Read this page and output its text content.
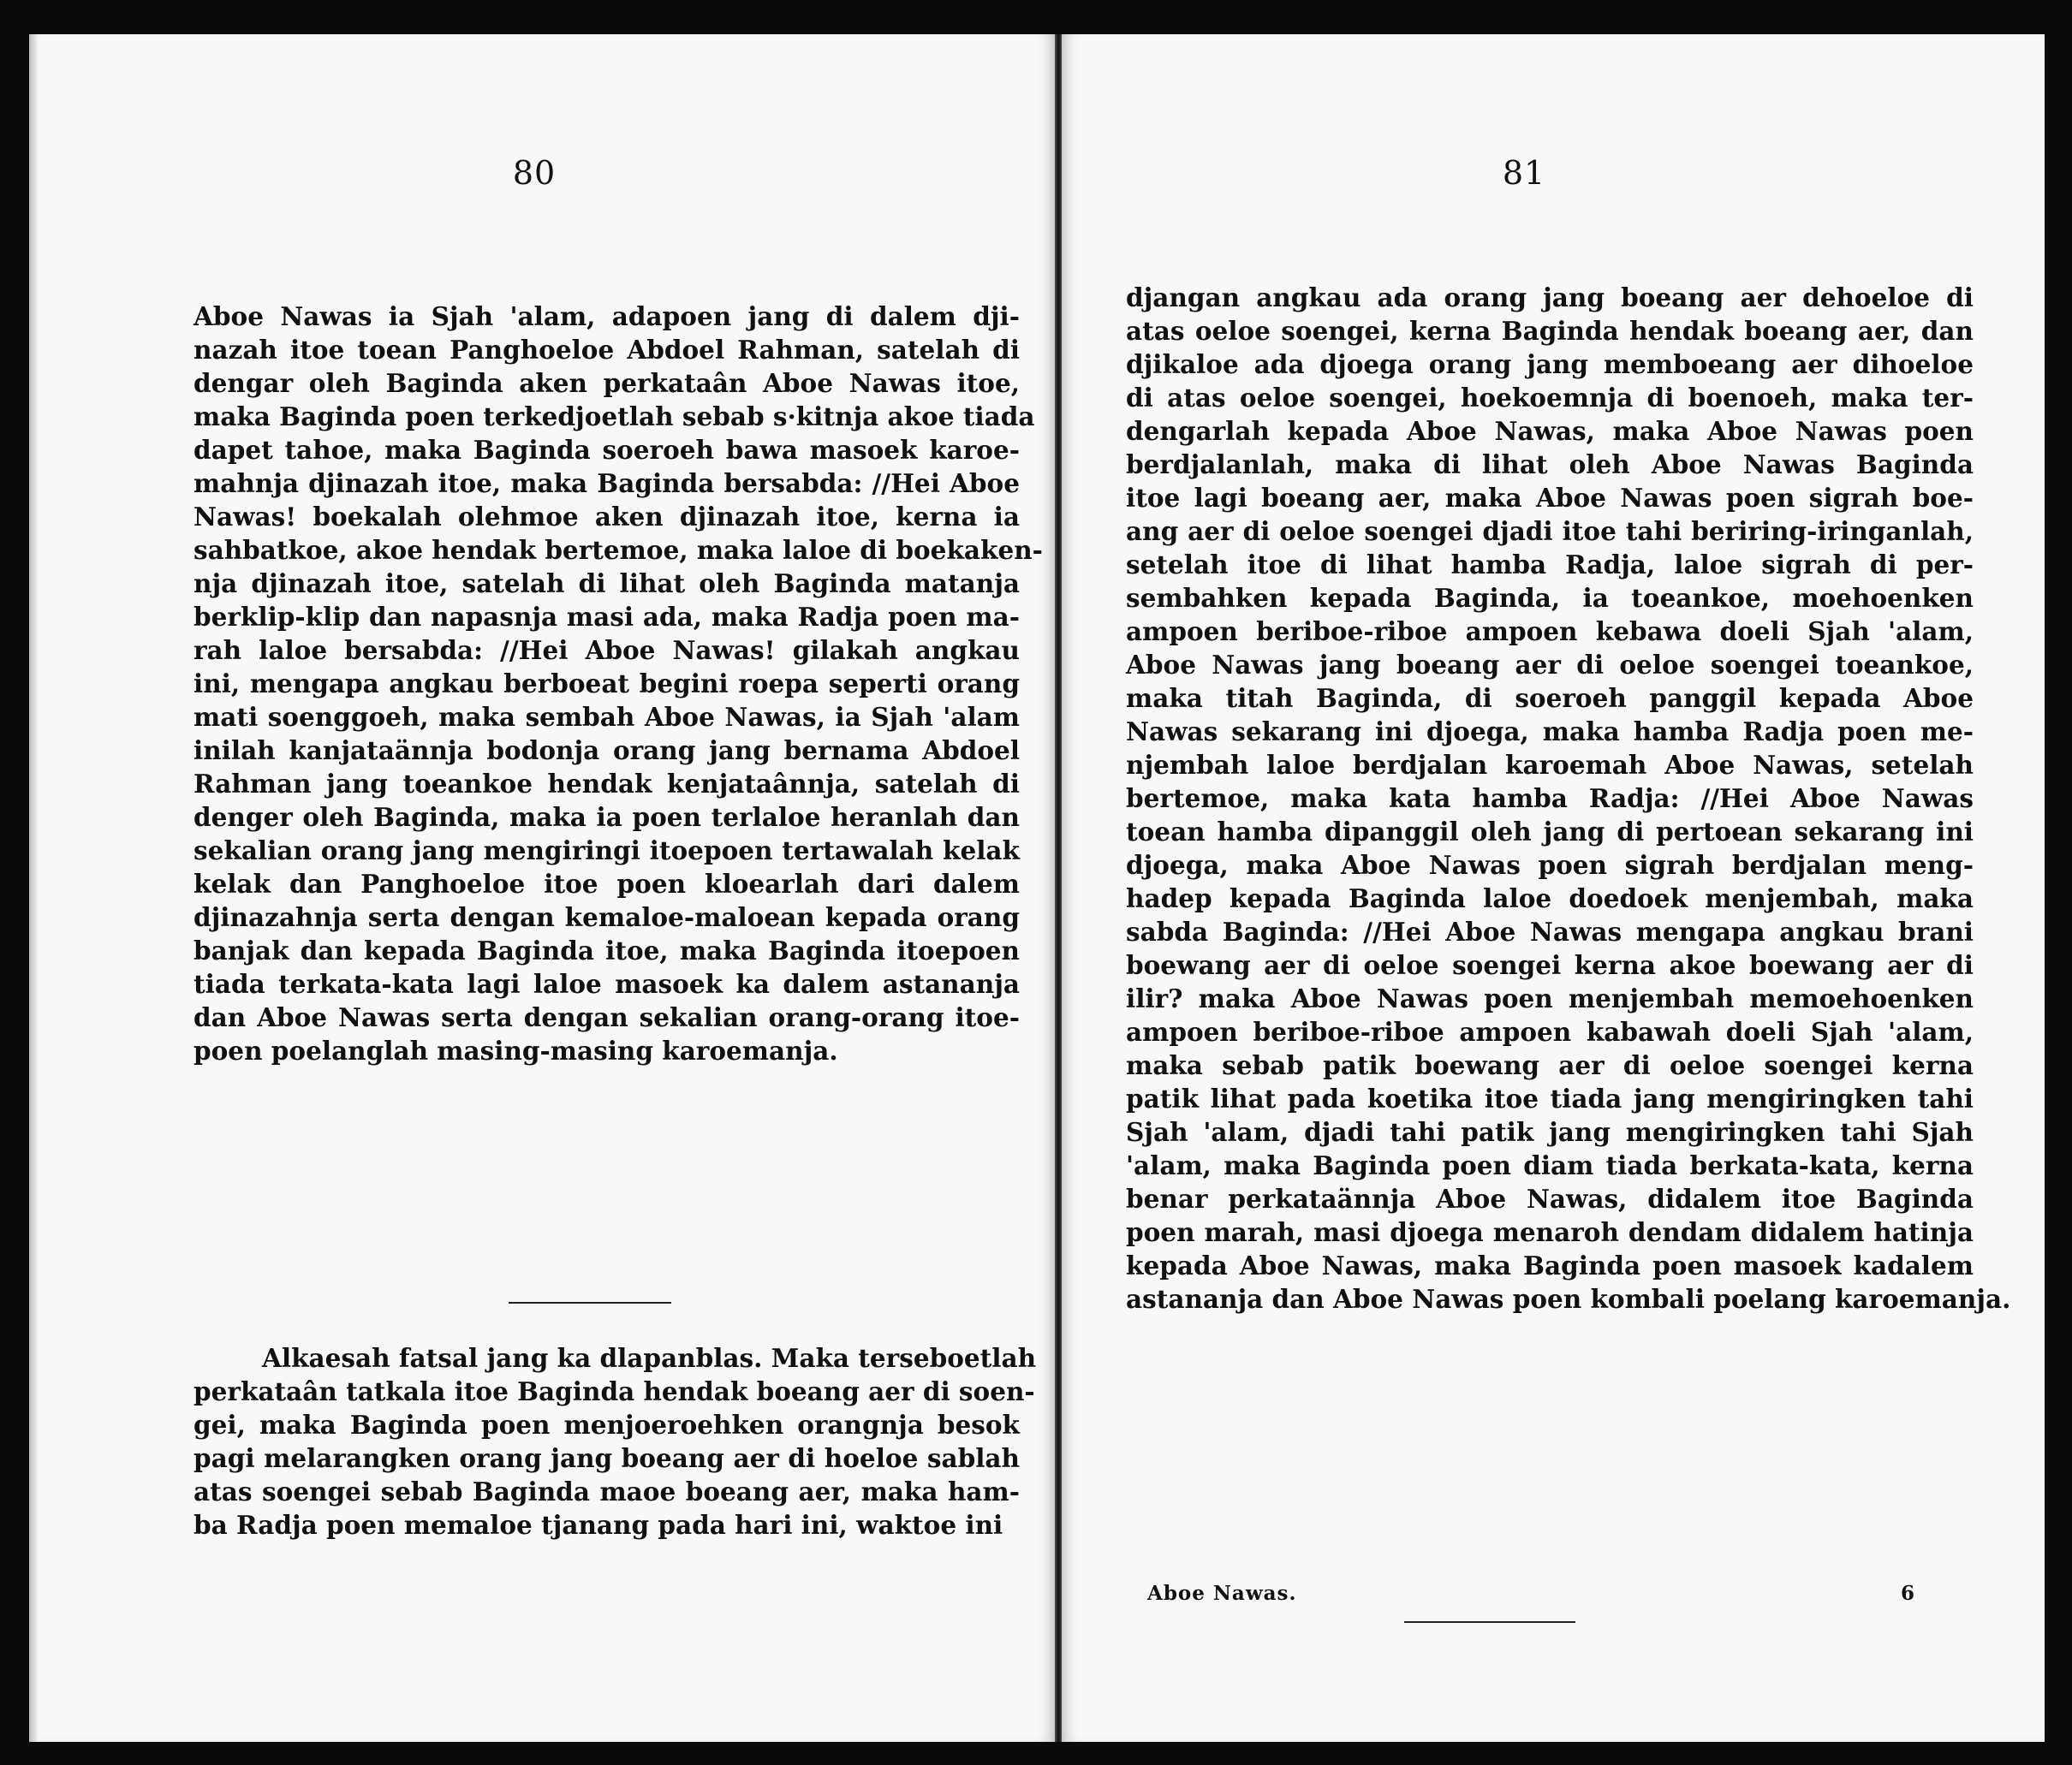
80
Aboe Nawas ia Sjah 'alam, adapoen jang di dalem dji-
nazah itoe toean Panghoeloe Abdoel Rahman, satelah di
dengar oleh Baginda aken perkataân Aboe Nawas itoe,
maka Baginda poen terkedjoetlah sebab s·kitnja akoe tiada
dapet tahoe, maka Baginda soeroeh bawa masoek karoe-
mahnja djinazah itoe, maka Baginda bersabda: //Hei Aboe
Nawas! boekalah olehmoe aken djinazah itoe, kerna ia
sahbatkoe, akoe hendak bertemoe, maka laloe di boekaken-
nja djinazah itoe, satelah di lihat oleh Baginda matanja
berklip-klip dan napasnja masi ada, maka Radja poen ma-
rah laloe bersabda: //Hei Aboe Nawas! gilakah angkau
ini, mengapa angkau berboeat begini roepa seperti orang
mati soenggoeh, maka sembah Aboe Nawas, ia Sjah 'alam
inilah kanjataännja bodonja orang jang bernama Abdoel
Rahman jang toeankoe hendak kenjataânnja, satelah di
denger oleh Baginda, maka ia poen terlaloe heranlah dan
sekalian orang jang mengiringi itoepoen tertawalah kelak
kelak dan Panghoeloe itoe poen kloearlah dari dalem
djinazahnja serta dengan kemaloe-maloean kepada orang
banjak dan kepada Baginda itoe, maka Baginda itoepoen
tiada terkata-kata lagi laloe masoek ka dalem astananja
dan Aboe Nawas serta dengan sekalian orang-orang itoe-
poen poelanglah masing-masing karoemanja.
Alkaesah fatsal jang ka dlapanblas. Maka terseboetlah
perkataân tatkala itoe Baginda hendak boeang aer di soen-
gei, maka Baginda poen menjoeroehken orangnja besok
pagi melarangken orang jang boeang aer di hoeloe sablah
atas soengei sebab Baginda maoe boeang aer, maka ham-
ba Radja poen memaloe tjanang pada hari ini, waktoe ini
81
djangan angkau ada orang jang boeang aer dehoeloe di
atas oeloe soengei, kerna Baginda hendak boeang aer, dan
djikaloe ada djoega orang jang memboeang aer dihoeloe
di atas oeloe soengei, hoekoemnja di boenoeh, maka ter-
dengarlah kepada Aboe Nawas, maka Aboe Nawas poen
berdjalanlah, maka di lihat oleh Aboe Nawas Baginda
itoe lagi boeang aer, maka Aboe Nawas poen sigrah boe-
ang aer di oeloe soengei djadi itoe tahi beriring-iringanlah,
setelah itoe di lihat hamba Radja, laloe sigrah di per-
sembahken kepada Baginda, ia toeankoe, moehoenken
ampoen beriboe-riboe ampoen kebawa doeli Sjah 'alam,
Aboe Nawas jang boeang aer di oeloe soengei toeankoe,
maka titah Baginda, di soeroeh panggil kepada Aboe
Nawas sekarang ini djoega, maka hamba Radja poen me-
njembah laloe berdjalan karoemah Aboe Nawas, setelah
bertemoe, maka kata hamba Radja: //Hei Aboe Nawas
toean hamba dipanggil oleh jang di pertoean sekarang ini
djoega, maka Aboe Nawas poen sigrah berdjalan meng-
hadep kepada Baginda laloe doedoek menjembah, maka
sabda Baginda: //Hei Aboe Nawas mengapa angkau brani
boewang aer di oeloe soengei kerna akoe boewang aer di
ilir? maka Aboe Nawas poen menjembah memoehoenken
ampoen beriboe-riboe ampoen kabawah doeli Sjah 'alam,
maka sebab patik boewang aer di oeloe soengei kerna
patik lihat pada koetika itoe tiada jang mengiringken tahi
Sjah 'alam, djadi tahi patik jang mengiringken tahi Sjah
'alam, maka Baginda poen diam tiada berkata-kata, kerna
benar perkataännja Aboe Nawas, didalem itoe Baginda
poen marah, masi djoega menaroh dendam didalem hatinja
kepada Aboe Nawas, maka Baginda poen masoek kadalem
astananja dan Aboe Nawas poen kombali poelang karoemanja.
Aboe Nawas.	6
